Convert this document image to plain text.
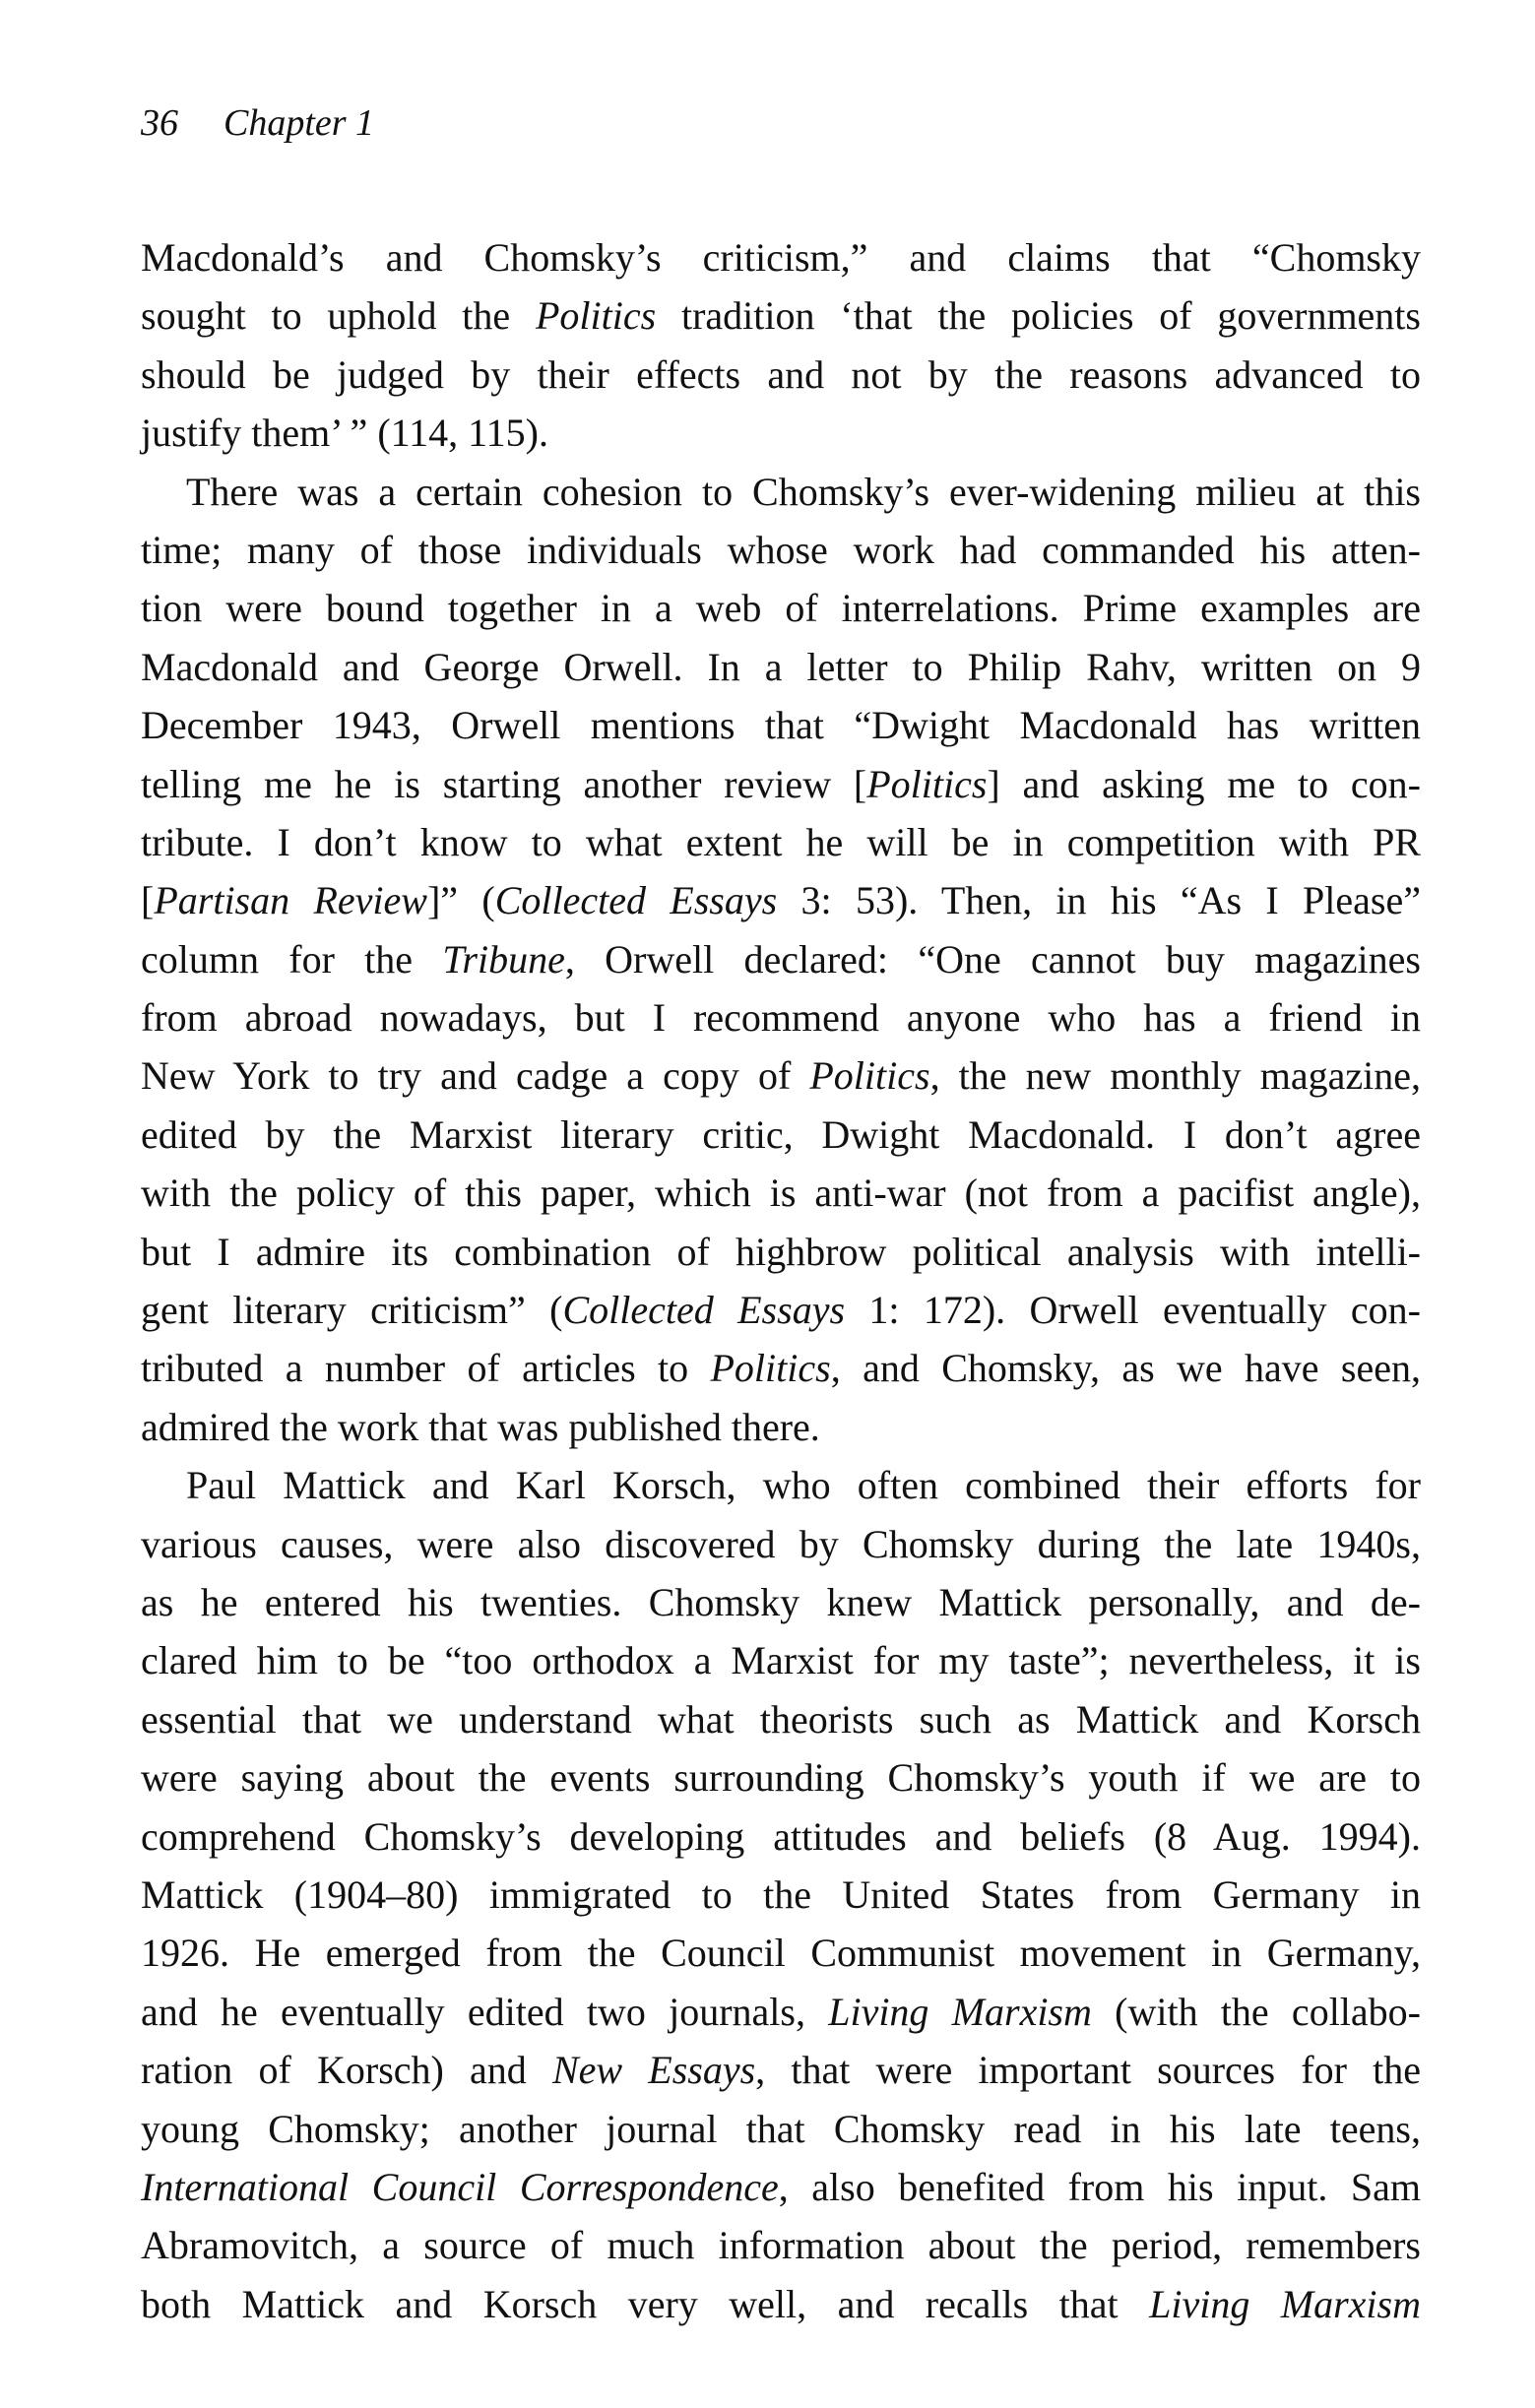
36 Chapter 1
Macdonald’s and Chomsky’s criticism,” and claims that “Chomsky
sought to uphold the Politics tradition ‘that the policies of governments
should be judged by their effects and not by the reasons advanced to
justify them’ ” (114, 115).
There was a certain cohesion to Chomsky’s ever-widening milieu at this
time; many of those individuals whose work had commanded his atten-
tion were bound together in a web of interrelations. Prime examples are
Macdonald and George Orwell. In a letter to Philip Rahv, written on 9
December 1943, Orwell mentions that “Dwight Macdonald has written
telling me he is starting another review [Politics] and asking me to con-
tribute. I don’t know to what extent he will be in competition with PR
[Partisan Review]” (Collected Essays 3: 53). Then, in his “As I Please”
column for the Tribune, Orwell declared: “One cannot buy magazines
from abroad nowadays, but I recommend anyone who has a friend in
New York to try and cadge a copy of Politics, the new monthly magazine,
edited by the Marxist literary critic, Dwight Macdonald. I don’t agree
with the policy of this paper, which is anti-war (not from a pacifist angle),
but I admire its combination of highbrow political analysis with intelli-
gent literary criticism” (Collected Essays 1: 172). Orwell eventually con-
tributed a number of articles to Politics, and Chomsky, as we have seen,
admired the work that was published there.
Paul Mattick and Karl Korsch, who often combined their efforts for
various causes, were also discovered by Chomsky during the late 1940s,
as he entered his twenties. Chomsky knew Mattick personally, and de-
clared him to be “too orthodox a Marxist for my taste”; nevertheless, it is
essential that we understand what theorists such as Mattick and Korsch
were saying about the events surrounding Chomsky’s youth if we are to
comprehend Chomsky’s developing attitudes and beliefs (8 Aug. 1994).
Mattick (1904–80) immigrated to the United States from Germany in
1926. He emerged from the Council Communist movement in Germany,
and he eventually edited two journals, Living Marxism (with the collabo-
ration of Korsch) and New Essays, that were important sources for the
young Chomsky; another journal that Chomsky read in his late teens,
International Council Correspondence, also benefited from his input. Sam
Abramovitch, a source of much information about the period, remembers
both Mattick and Korsch very well, and recalls that Living Marxism
